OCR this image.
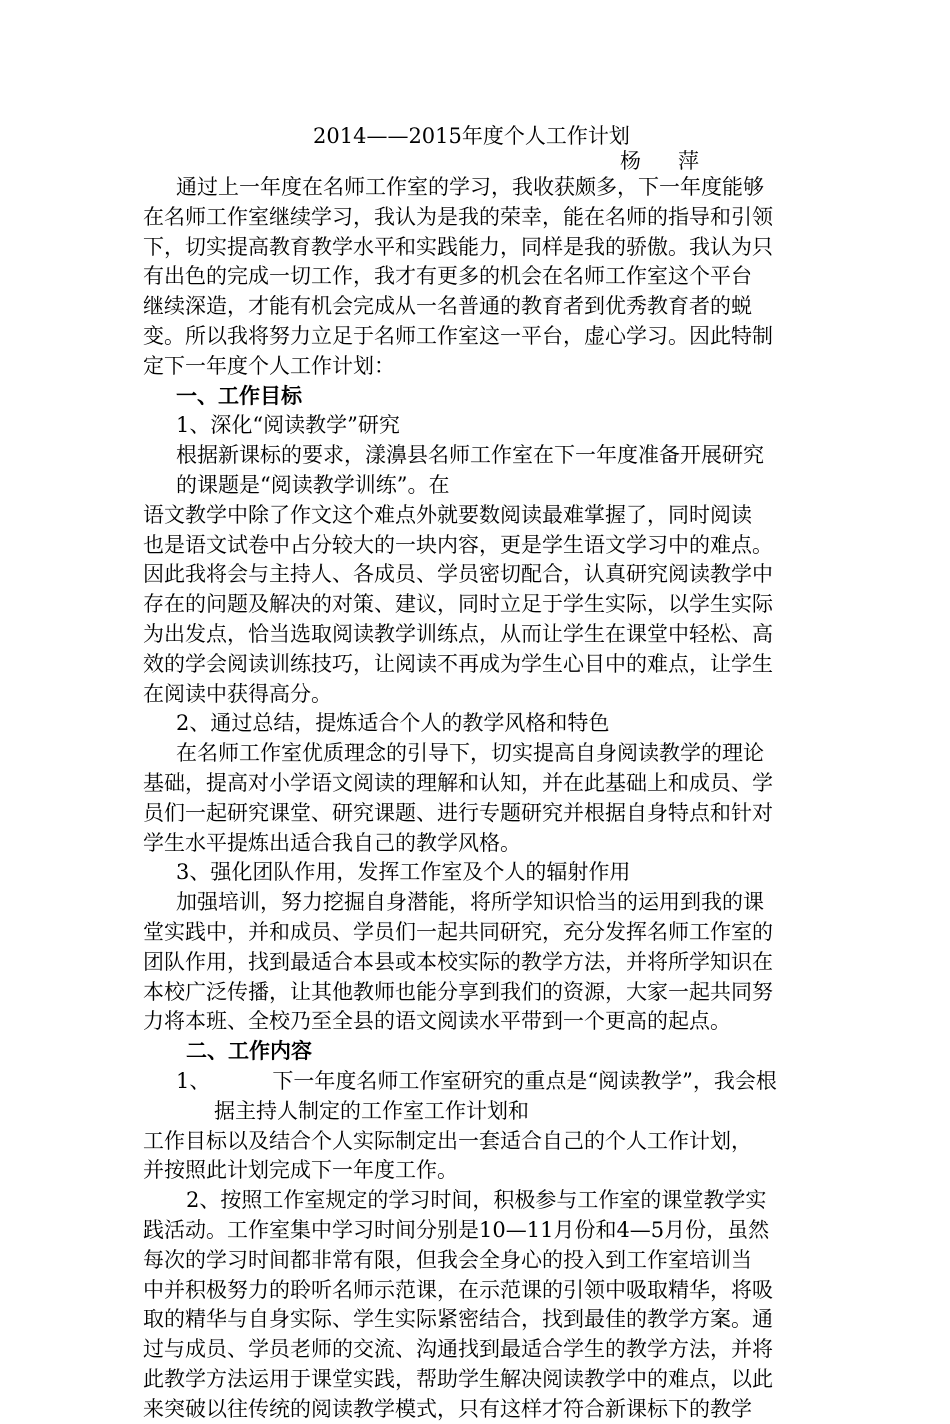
2014——2015年度个人工作计划
杨　萍
通过上一年度在名师工作室的学习，我收获颇多，下一年度能够
在名师工作室继续学习，我认为是我的荣幸，能在名师的指导和引领
下，切实提高教育教学水平和实践能力，同样是我的骄傲。我认为只
有出色的完成一切工作，我才有更多的机会在名师工作室这个平台
继续深造，才能有机会完成从一名普通的教育者到优秀教育者的蜕
变。所以我将努力立足于名师工作室这一平台，虚心学习。因此特制
定下一年度个人工作计划：
一、工作目标
1、深化“阅读教学”研究
根据新课标的要求，漾濞县名师工作室在下一年度准备开展研究
的课题是“阅读教学训练”。在
语文教学中除了作文这个难点外就要数阅读最难掌握了，同时阅读
也是语文试卷中占分较大的一块内容，更是学生语文学习中的难点。
因此我将会与主持人、各成员、学员密切配合，认真研究阅读教学中
存在的问题及解决的对策、建议，同时立足于学生实际，以学生实际
为出发点，恰当选取阅读教学训练点，从而让学生在课堂中轻松、高
效的学会阅读训练技巧，让阅读不再成为学生心目中的难点，让学生
在阅读中获得高分。
2、通过总结，提炼适合个人的教学风格和特色
在名师工作室优质理念的引导下，切实提高自身阅读教学的理论
基础，提高对小学语文阅读的理解和认知，并在此基础上和成员、学
员们一起研究课堂、研究课题、进行专题研究并根据自身特点和针对
学生水平提炼出适合我自己的教学风格。
3、强化团队作用，发挥工作室及个人的辐射作用
加强培训，努力挖掘自身潜能，将所学知识恰当的运用到我的课
堂实践中，并和成员、学员们一起共同研究，充分发挥名师工作室的
团队作用，找到最适合本县或本校实际的教学方法，并将所学知识在
本校广泛传播，让其他教师也能分享到我们的资源，大家一起共同努
力将本班、全校乃至全县的语文阅读水平带到一个更高的起点。
二、工作内容
1、	下一年度名师工作室研究的重点是“阅读教学”，我会根
据主持人制定的工作室工作计划和
工作目标以及结合个人实际制定出一套适合自己的个人工作计划，
并按照此计划完成下一年度工作。
2、按照工作室规定的学习时间，积极参与工作室的课堂教学实
践活动。工作室集中学习时间分别是10—11月份和4—5月份，虽然
每次的学习时间都非常有限，但我会全身心的投入到工作室培训当
中并积极努力的聆听名师示范课，在示范课的引领中吸取精华，将吸
取的精华与自身实际、学生实际紧密结合，找到最佳的教学方案。通
过与成员、学员老师的交流、沟通找到最适合学生的教学方法，并将
此教学方法运用于课堂实践，帮助学生解决阅读教学中的难点，以此
来突破以往传统的阅读教学模式，只有这样才符合新课标下的教学
